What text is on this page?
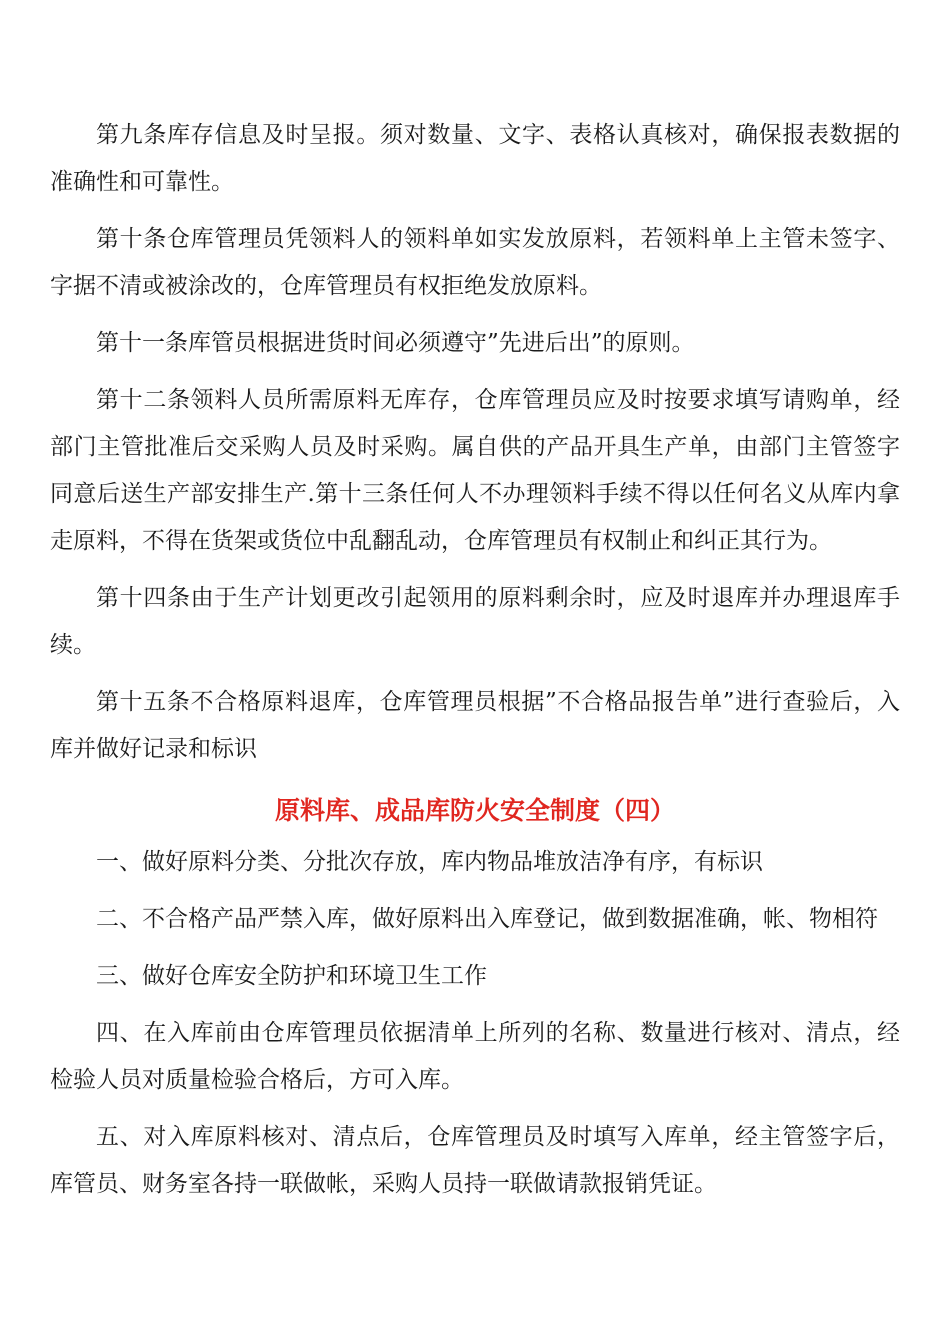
第九条库存信息及时呈报。须对数量、文字、表格认真核对，确保报表数据的准确性和可靠性。

第十条仓库管理员凭领料人的领料单如实发放原料，若领料单上主管未签字、字据不清或被涂改的，仓库管理员有权拒绝发放原料。

第十一条库管员根据进货时间必须遵守”先进后出”的原则。

第十二条领料人员所需原料无库存，仓库管理员应及时按要求填写请购单，经部门主管批准后交采购人员及时采购。属自供的产品开具生产单，由部门主管签字同意后送生产部安排生产.第十三条任何人不办理领料手续不得以任何名义从库内拿走原料，不得在货架或货位中乱翻乱动，仓库管理员有权制止和纠正其行为。

第十四条由于生产计划更改引起领用的原料剩余时，应及时退库并办理退库手续。

第十五条不合格原料退库，仓库管理员根据”不合格品报告单”进行查验后，入库并做好记录和标识

原料库、成品库防火安全制度（四）

一、做好原料分类、分批次存放，库内物品堆放洁净有序，有标识

二、不合格产品严禁入库，做好原料出入库登记，做到数据准确，帐、物相符

三、做好仓库安全防护和环境卫生工作

四、在入库前由仓库管理员依据清单上所列的名称、数量进行核对、清点，经检验人员对质量检验合格后，方可入库。

五、对入库原料核对、清点后，仓库管理员及时填写入库单，经主管签字后，库管员、财务室各持一联做帐，采购人员持一联做请款报销凭证。
